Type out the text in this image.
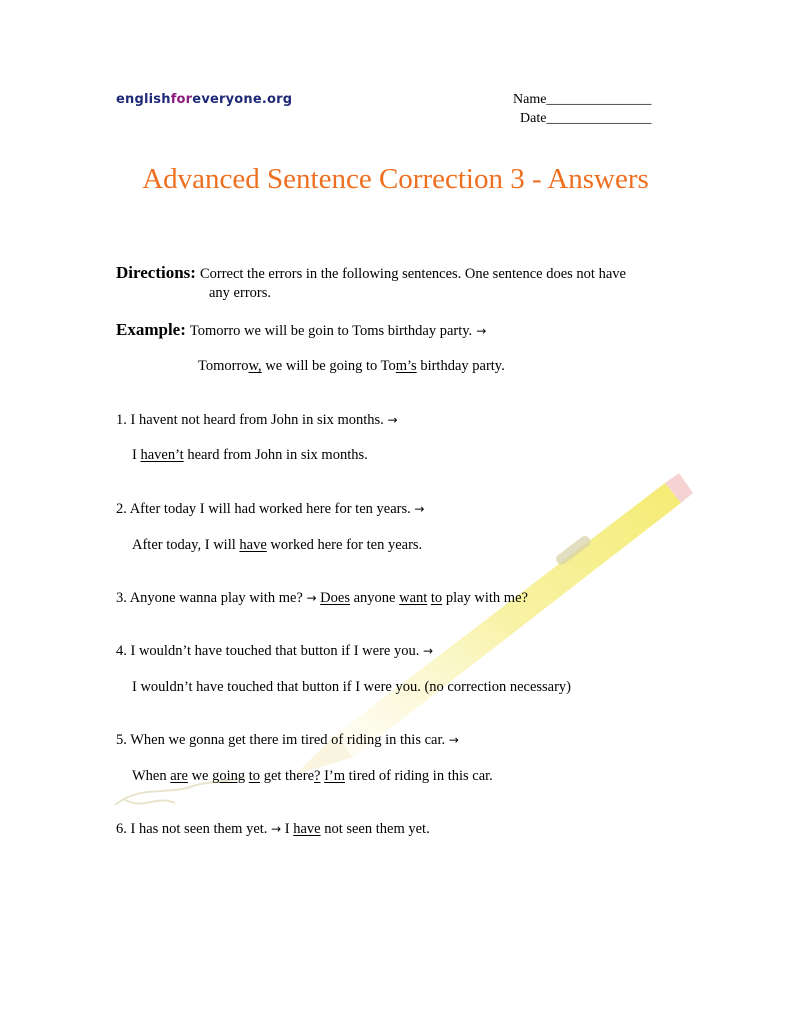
englishforeveryone.org	Name_______________
Date_______________
Advanced Sentence Correction 3 - Answers
Directions: Correct the errors in the following sentences. One sentence does not have
any errors.
Example: Tomorro we will be goin to Toms birthday party. →
Tomorrow, we will be going to Tom’s birthday party.
1. I havent not heard from John in six months. →
I haven’t heard from John in six months.
2. After today I will had worked here for ten years. →
After today, I will have worked here for ten years.
3. Anyone wanna play with me? → Does anyone want to play with me?
4. I wouldn’t have touched that button if I were you. →
I wouldn’t have touched that button if I were you. (no correction necessary)
5. When we gonna get there im tired of riding in this car. →
When are we going to get there? I’m tired of riding in this car.
6. I has not seen them yet. → I have not seen them yet.
